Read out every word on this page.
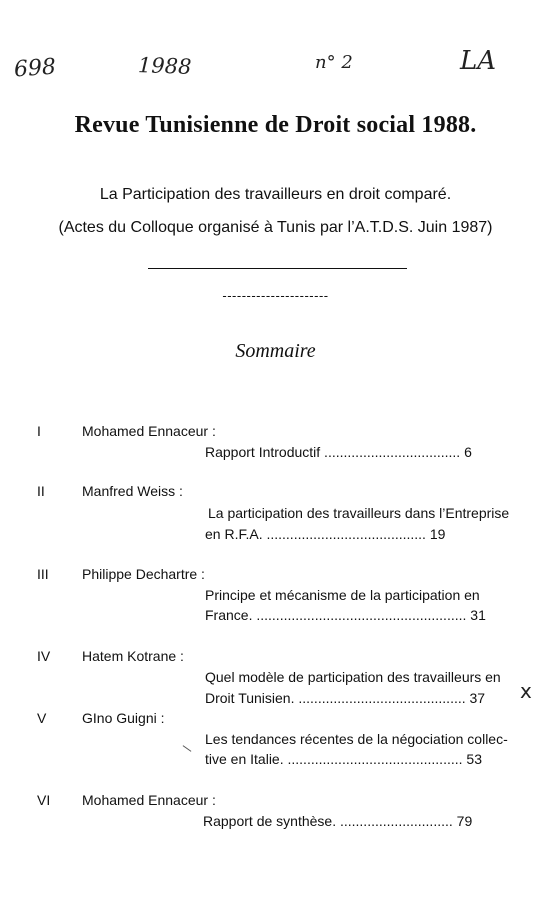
698	1988	n° 2	LA
Revue Tunisienne de Droit social 1988.
La Participation des travailleurs en droit comparé.
(Actes du Colloque organisé à Tunis par l’A.T.D.S. Juin 1987)
----------------------
Sommaire
I	Mohamed Ennaceur :
Rapport Introductif ................................... 6
II	Manfred Weiss :
La participation des travailleurs dans l’Entreprise
en R.F.A. ......................................... 19
III Philippe Dechartre :
Principe et mécanisme de la participation en
France. ...................................................... 31
IV Hatem Kotrane :
Quel modèle de participation des travailleurs en
Droit Tunisien. ........................................... 37
V	GIno Guigni :
Les tendances récentes de la négociation collec-
tive en Italie. ............................................. 53
VI Mohamed Ennaceur :
Rapport de synthèse. ............................. 79
x
